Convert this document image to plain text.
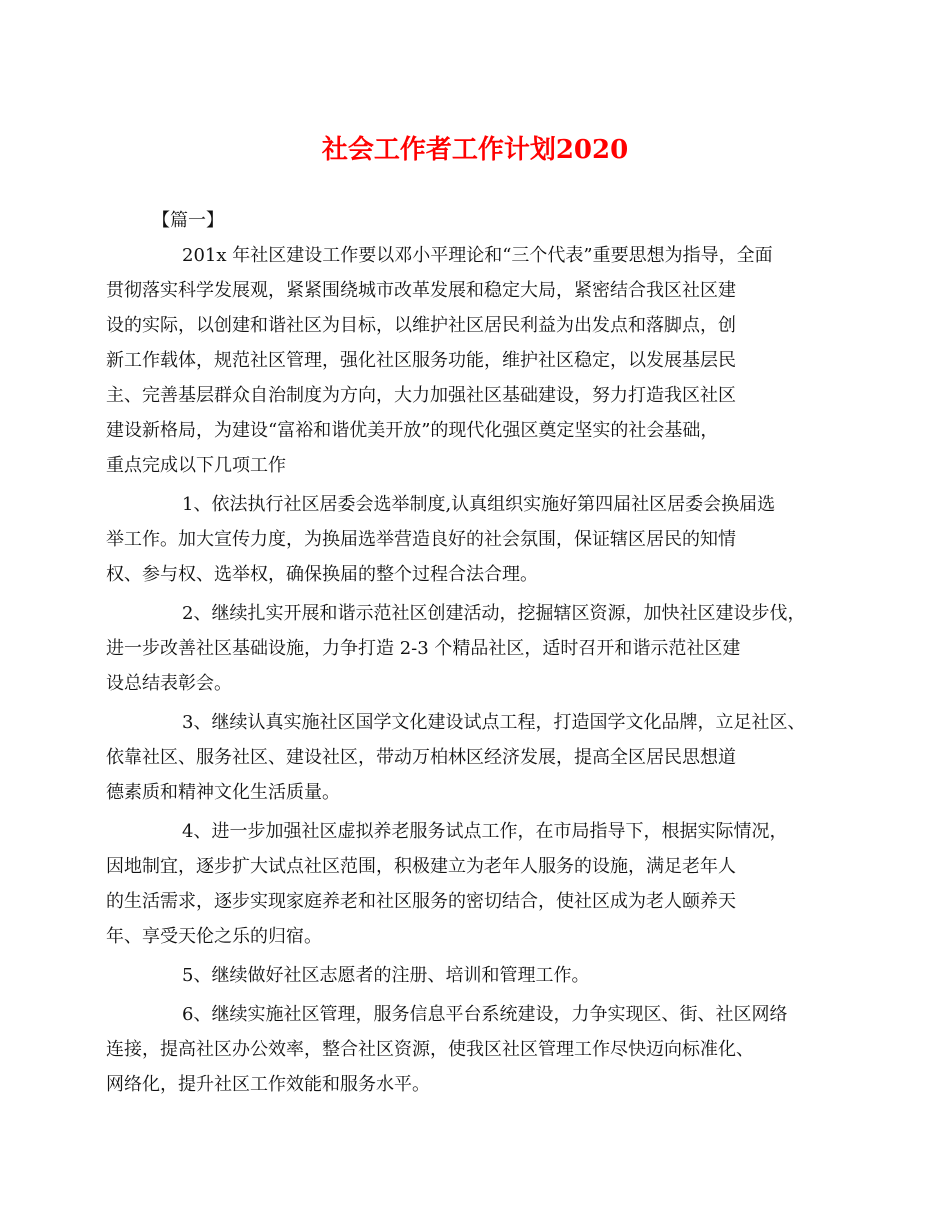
社会工作者工作计划2020

【篇一】

201x 年社区建设工作要以邓小平理论和“三个代表”重要思想为指导，全面
贯彻落实科学发展观，紧紧围绕城市改革发展和稳定大局，紧密结合我区社区建
设的实际，以创建和谐社区为目标，以维护社区居民利益为出发点和落脚点，创
新工作载体，规范社区管理，强化社区服务功能，维护社区稳定，以发展基层民
主、完善基层群众自治制度为方向，大力加强社区基础建设，努力打造我区社区
建设新格局，为建设“富裕和谐优美开放”的现代化强区奠定坚实的社会基础，
重点完成以下几项工作
1、依法执行社区居委会选举制度,认真组织实施好第四届社区居委会换届选
举工作。加大宣传力度，为换届选举营造良好的社会氛围，保证辖区居民的知情
权、参与权、选举权，确保换届的整个过程合法合理。
2、继续扎实开展和谐示范社区创建活动，挖掘辖区资源，加快社区建设步伐，
进一步改善社区基础设施，力争打造 2-3 个精品社区，适时召开和谐示范社区建
设总结表彰会。
3、继续认真实施社区国学文化建设试点工程，打造国学文化品牌，立足社区、
依靠社区、服务社区、建设社区，带动万柏林区经济发展，提高全区居民思想道
德素质和精神文化生活质量。
4、进一步加强社区虚拟养老服务试点工作，在市局指导下，根据实际情况，
因地制宜，逐步扩大试点社区范围，积极建立为老年人服务的设施，满足老年人
的生活需求，逐步实现家庭养老和社区服务的密切结合，使社区成为老人颐养天
年、享受天伦之乐的归宿。
5、继续做好社区志愿者的注册、培训和管理工作。
6、继续实施社区管理，服务信息平台系统建设，力争实现区、街、社区网络
连接，提高社区办公效率，整合社区资源，使我区社区管理工作尽快迈向标准化、
网络化，提升社区工作效能和服务水平。
